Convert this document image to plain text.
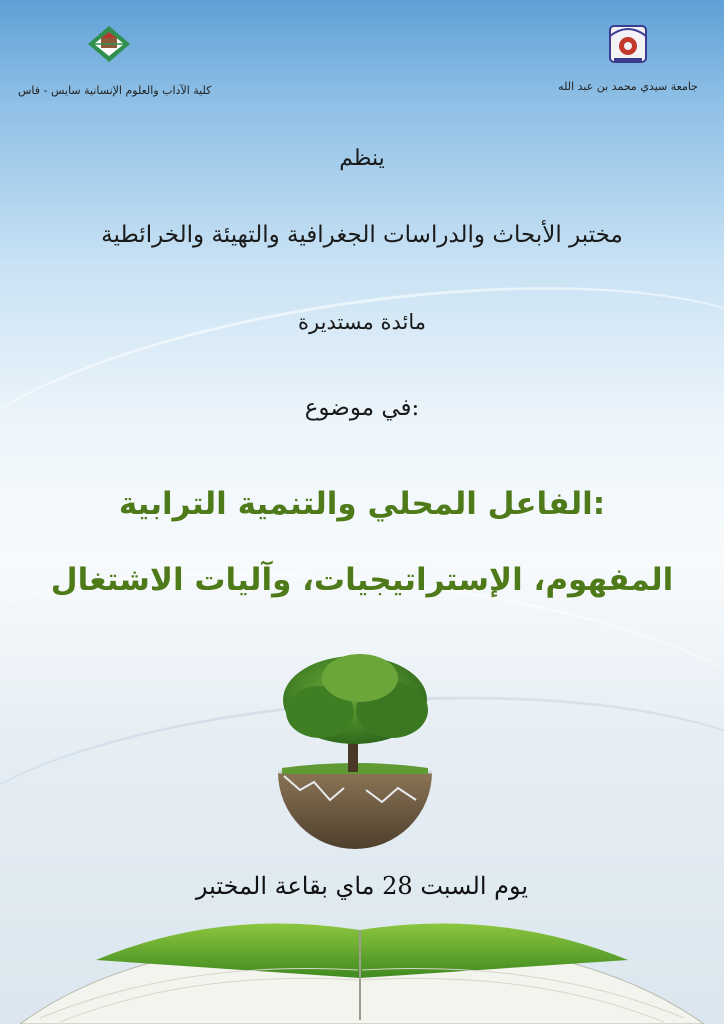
جامعة سيدي محمد بن عبد الله
كلية الآداب والعلوم الإنسانية سايس - فاس
ينظم
مختبر الأبحاث والدراسات الجغرافية والتهيئة والخرائطية
مائدة مستديرة
في موضوع:
الفاعل المحلي والتنمية الترابية:
المفهوم، الإستراتيجيات، وآليات الاشتغال
يوم السبت 28 ماي بقاعة المختبر
